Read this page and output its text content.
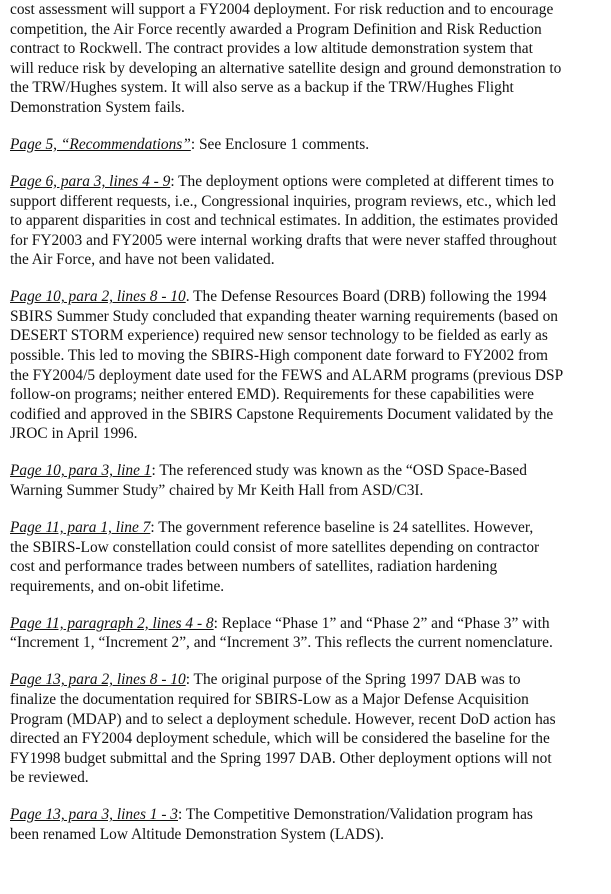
cost assessment will support a FY2004 deployment. For risk reduction and to encourage
competition, the Air Force recently awarded a Program Definition and Risk Reduction
contract to Rockwell. The contract provides a low altitude demonstration system that
will reduce risk by developing an alternative satellite design and ground demonstration to
the TRW/Hughes system. It will also serve as a backup if the TRW/Hughes Flight
Demonstration System fails.
Page 5, “Recommendations”: See Enclosure 1 comments.
Page 6, para 3, lines 4 - 9: The deployment options were completed at different times to
support different requests, i.e., Congressional inquiries, program reviews, etc., which led
to apparent disparities in cost and technical estimates. In addition, the estimates provided
for FY2003 and FY2005 were internal working drafts that were never staffed throughout
the Air Force, and have not been validated.
Page 10, para 2, lines 8 - 10. The Defense Resources Board (DRB) following the 1994
SBIRS Summer Study concluded that expanding theater warning requirements (based on
DESERT STORM experience) required new sensor technology to be fielded as early as
possible. This led to moving the SBIRS-High component date forward to FY2002 from
the FY2004/5 deployment date used for the FEWS and ALARM programs (previous DSP
follow-on programs; neither entered EMD). Requirements for these capabilities were
codified and approved in the SBIRS Capstone Requirements Document validated by the
JROC in April 1996.
Page 10, para 3, line 1: The referenced study was known as the “OSD Space-Based
Warning Summer Study” chaired by Mr Keith Hall from ASD/C3I.
Page 11, para 1, line 7: The government reference baseline is 24 satellites. However,
the SBIRS-Low constellation could consist of more satellites depending on contractor
cost and performance trades between numbers of satellites, radiation hardening
requirements, and on-obit lifetime.
Page 11, paragraph 2, lines 4 - 8: Replace “Phase 1” and “Phase 2” and “Phase 3” with
“Increment 1, “Increment 2”, and “Increment 3”. This reflects the current nomenclature.
Page 13, para 2, lines 8 - 10: The original purpose of the Spring 1997 DAB was to
finalize the documentation required for SBIRS-Low as a Major Defense Acquisition
Program (MDAP) and to select a deployment schedule. However, recent DoD action has
directed an FY2004 deployment schedule, which will be considered the baseline for the
FY1998 budget submittal and the Spring 1997 DAB. Other deployment options will not
be reviewed.
Page 13, para 3, lines 1 - 3: The Competitive Demonstration/Validation program has
been renamed Low Altitude Demonstration System (LADS).
